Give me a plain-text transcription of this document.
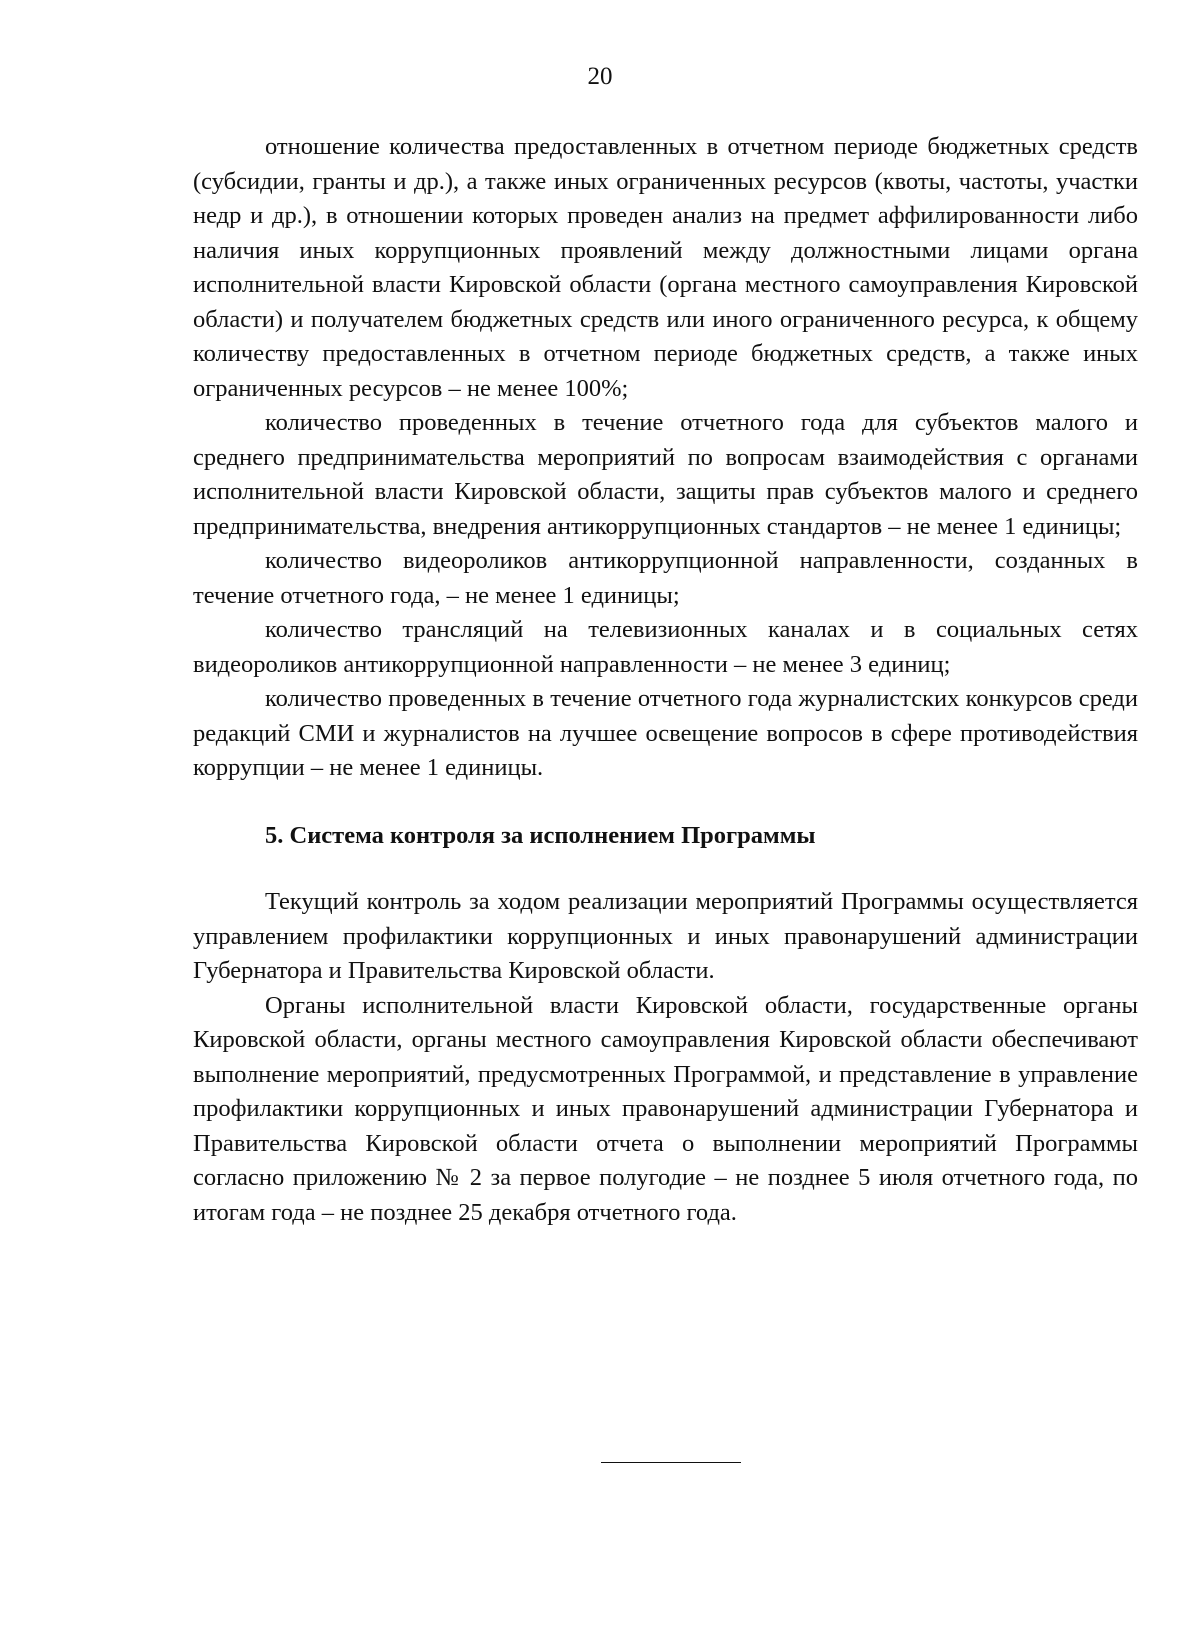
20

отношение количества предоставленных в отчетном периоде бюджетных средств (субсидии, гранты и др.), а также иных ограниченных ресурсов (квоты, частоты, участки недр и др.), в отношении которых проведен анализ на предмет аффилированности либо наличия иных коррупционных проявлений между должностными лицами органа исполнительной власти Кировской области (органа местного самоуправления Кировской области) и получателем бюджетных средств или иного ограниченного ресурса, к общему количеству предоставленных в отчетном периоде бюджетных средств, а также иных ограниченных ресурсов – не менее 100%;

количество проведенных в течение отчетного года для субъектов малого и среднего предпринимательства мероприятий по вопросам взаимодействия с органами исполнительной власти Кировской области, защиты прав субъектов малого и среднего предпринимательства, внедрения антикоррупционных стандартов – не менее 1 единицы;

количество видеороликов антикоррупционной направленности, созданных в течение отчетного года, – не менее 1 единицы;

количество трансляций на телевизионных каналах и в социальных сетях видеороликов антикоррупционной направленности – не менее 3 единиц;

количество проведенных в течение отчетного года журналистских конкурсов среди редакций СМИ и журналистов на лучшее освещение вопросов в сфере противодействия коррупции – не менее 1 единицы.

5. Система контроля за исполнением Программы

Текущий контроль за ходом реализации мероприятий Программы осуществляется управлением профилактики коррупционных и иных правонарушений администрации Губернатора и Правительства Кировской области.

Органы исполнительной власти Кировской области, государственные органы Кировской области, органы местного самоуправления Кировской области обеспечивают выполнение мероприятий, предусмотренных Программой, и представление в управление профилактики коррупционных и иных правонарушений администрации Губернатора и Правительства Кировской области отчета о выполнении мероприятий Программы согласно приложению № 2 за первое полугодие – не позднее 5 июля отчетного года, по итогам года – не позднее 25 декабря отчетного года.
